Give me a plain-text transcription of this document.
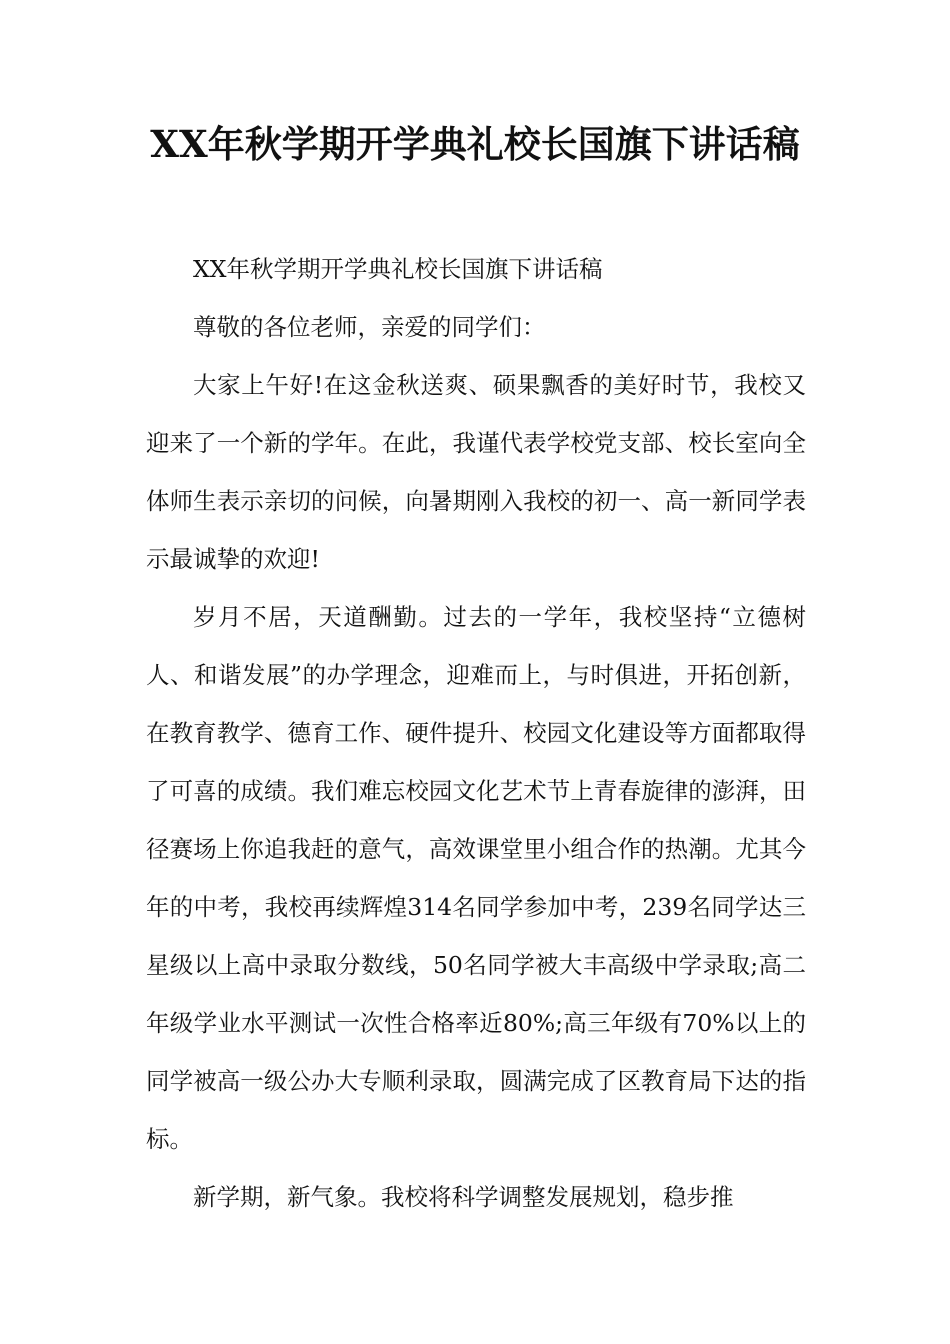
XX年秋学期开学典礼校长国旗下讲话稿

XX年秋学期开学典礼校长国旗下讲话稿

尊敬的各位老师，亲爱的同学们：

大家上午好!在这金秋送爽、硕果飘香的美好时节，我校又迎来了一个新的学年。在此，我谨代表学校党支部、校长室向全体师生表示亲切的问候，向暑期刚入我校的初一、高一新同学表示最诚挚的欢迎!

岁月不居，天道酬勤。过去的一学年，我校坚持“立德树人、和谐发展”的办学理念，迎难而上，与时俱进，开拓创新，在教育教学、德育工作、硬件提升、校园文化建设等方面都取得了可喜的成绩。我们难忘校园文化艺术节上青春旋律的澎湃，田径赛场上你追我赶的意气，高效课堂里小组合作的热潮。尤其今年的中考，我校再续辉煌314名同学参加中考，239名同学达三星级以上高中录取分数线，50名同学被大丰高级中学录取;高二年级学业水平测试一次性合格率近80%;高三年级有70%以上的同学被高一级公办大专顺利录取，圆满完成了区教育局下达的指标。

新学期，新气象。我校将科学调整发展规划，稳步推
